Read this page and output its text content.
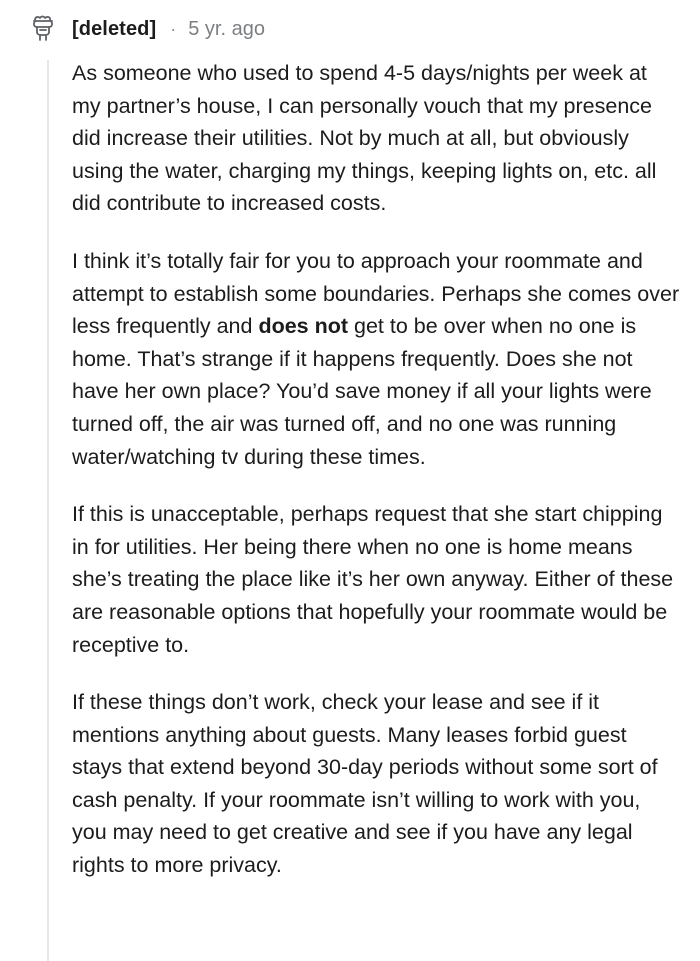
[deleted] · 5 yr. ago

As someone who used to spend 4-5 days/nights per week at my partner’s house, I can personally vouch that my presence did increase their utilities. Not by much at all, but obviously using the water, charging my things, keeping lights on, etc. all did contribute to increased costs.

I think it’s totally fair for you to approach your roommate and attempt to establish some boundaries. Perhaps she comes over less frequently and does not get to be over when no one is home. That’s strange if it happens frequently. Does she not have her own place? You’d save money if all your lights were turned off, the air was turned off, and no one was running water/watching tv during these times.

If this is unacceptable, perhaps request that she start chipping in for utilities. Her being there when no one is home means she’s treating the place like it’s her own anyway. Either of these are reasonable options that hopefully your roommate would be receptive to.

If these things don’t work, check your lease and see if it mentions anything about guests. Many leases forbid guest stays that extend beyond 30-day periods without some sort of cash penalty. If your roommate isn’t willing to work with you, you may need to get creative and see if you have any legal rights to more privacy.
